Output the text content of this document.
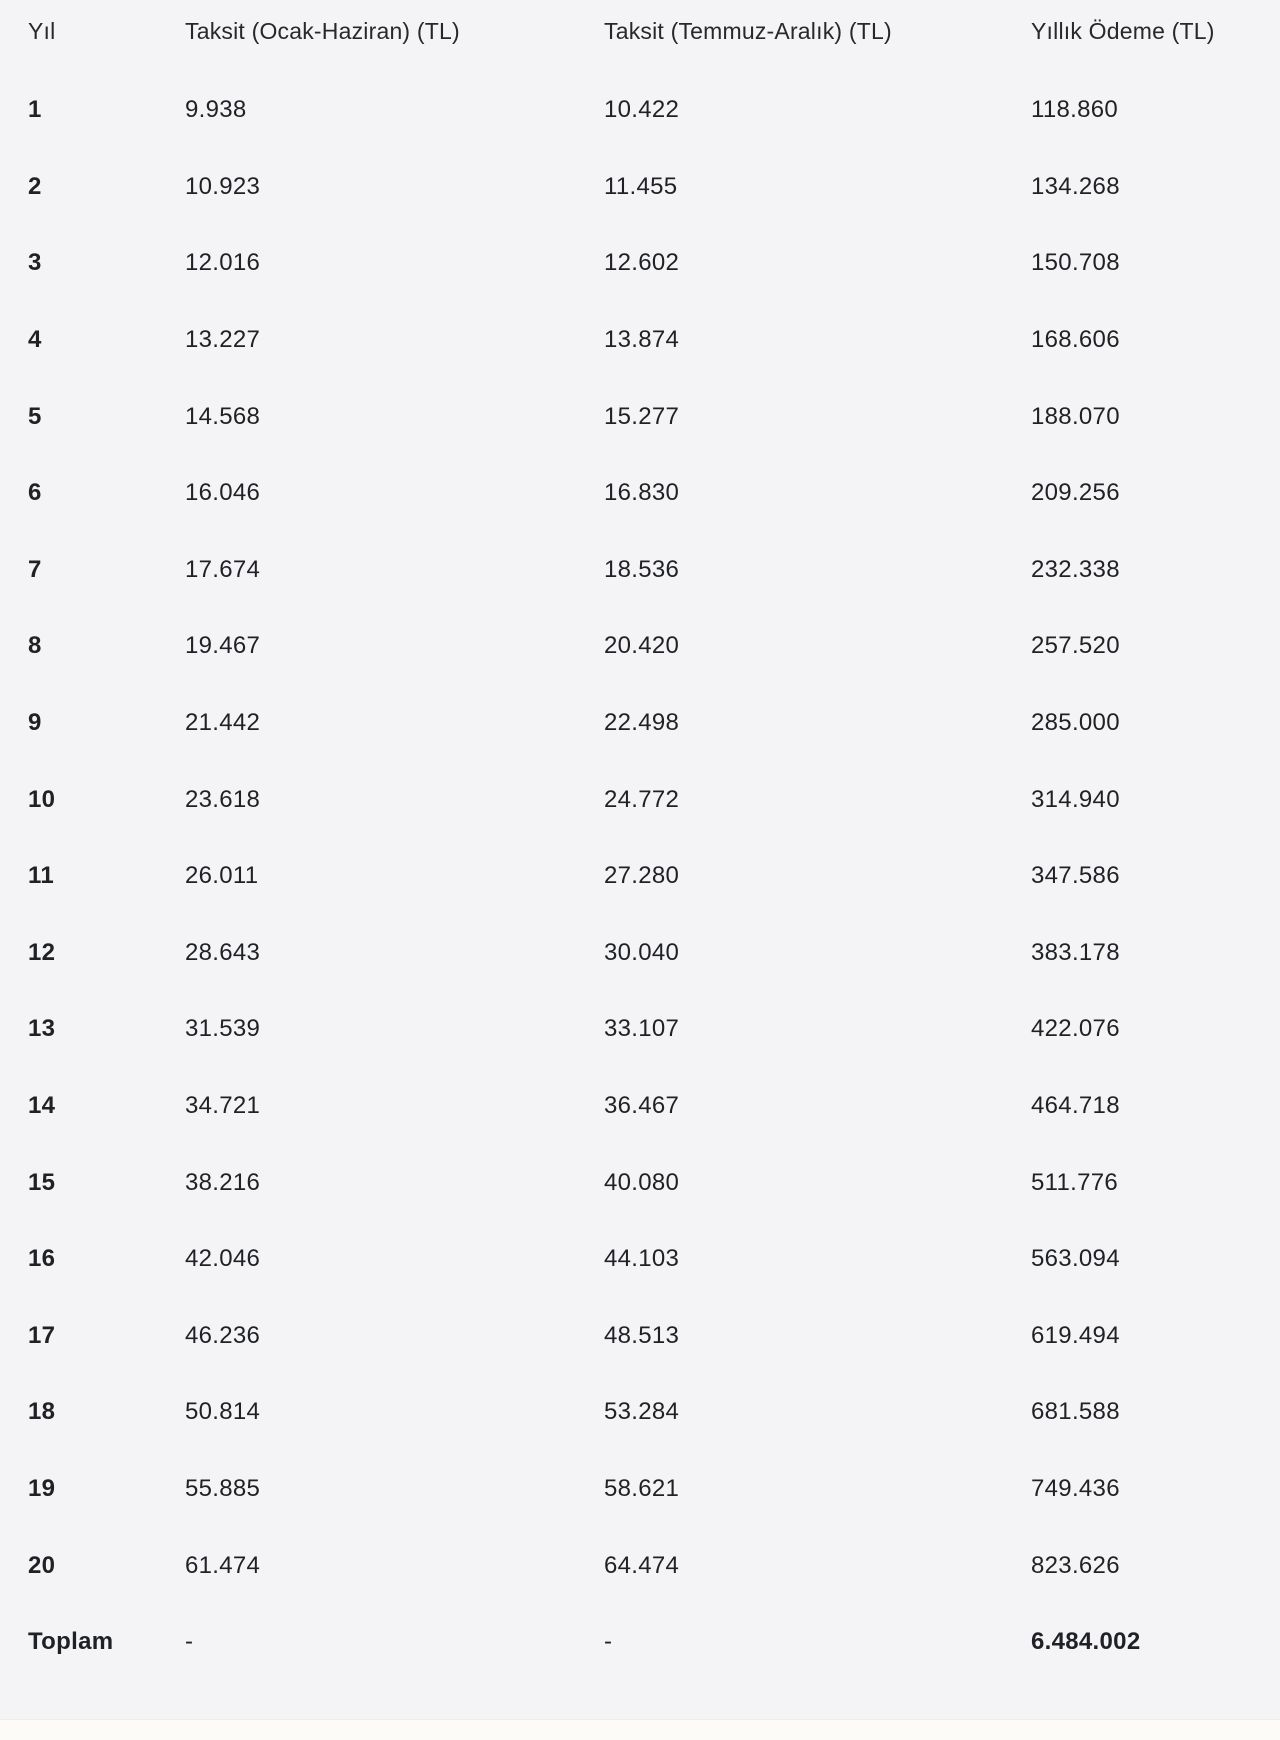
Yıl	Taksit (Ocak-Haziran) (TL)	Taksit (Temmuz-Aralık) (TL)	Yıllık Ödeme (TL)
1	9.938	10.422	118.860
2	10.923	11.455	134.268
3	12.016	12.602	150.708
4	13.227	13.874	168.606
5	14.568	15.277	188.070
6	16.046	16.830	209.256
7	17.674	18.536	232.338
8	19.467	20.420	257.520
9	21.442	22.498	285.000
10	23.618	24.772	314.940
11	26.011	27.280	347.586
12	28.643	30.040	383.178
13	31.539	33.107	422.076
14	34.721	36.467	464.718
15	38.216	40.080	511.776
16	42.046	44.103	563.094
17	46.236	48.513	619.494
18	50.814	53.284	681.588
19	55.885	58.621	749.436
20	61.474	64.474	823.626
Toplam	-	-	6.484.002
